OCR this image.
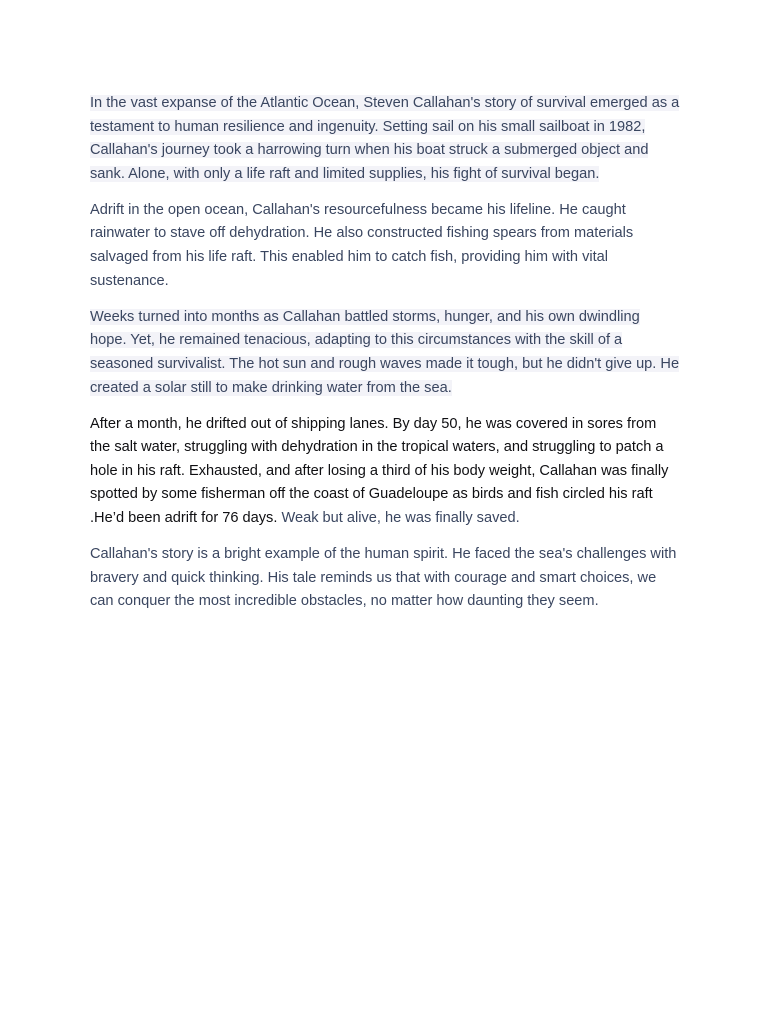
In the vast expanse of the Atlantic Ocean, Steven Callahan's story of survival emerged as a testament to human resilience and ingenuity. Setting sail on his small sailboat in 1982, Callahan's journey took a harrowing turn when his boat struck a submerged object and sank. Alone, with only a life raft and limited supplies, his fight of survival began.

Adrift in the open ocean, Callahan's resourcefulness became his lifeline. He caught rainwater to stave off dehydration. He also constructed fishing spears from materials salvaged from his life raft. This enabled him to catch fish, providing him with vital sustenance.

Weeks turned into months as Callahan battled storms, hunger, and his own dwindling hope. Yet, he remained tenacious, adapting to this circumstances with the skill of a seasoned survivalist. The hot sun and rough waves made it tough, but he didn't give up. He created a solar still to make drinking water from the sea.

After a month, he drifted out of shipping lanes. By day 50, he was covered in sores from the salt water, struggling with dehydration in the tropical waters, and struggling to patch a hole in his raft. Exhausted, and after losing a third of his body weight, Callahan was finally spotted by some fisherman off the coast of Guadeloupe as birds and fish circled his raft .He’d been adrift for 76 days. Weak but alive, he was finally saved.

Callahan's story is a bright example of the human spirit. He faced the sea's challenges with bravery and quick thinking. His tale reminds us that with courage and smart choices, we can conquer the most incredible obstacles, no matter how daunting they seem.
